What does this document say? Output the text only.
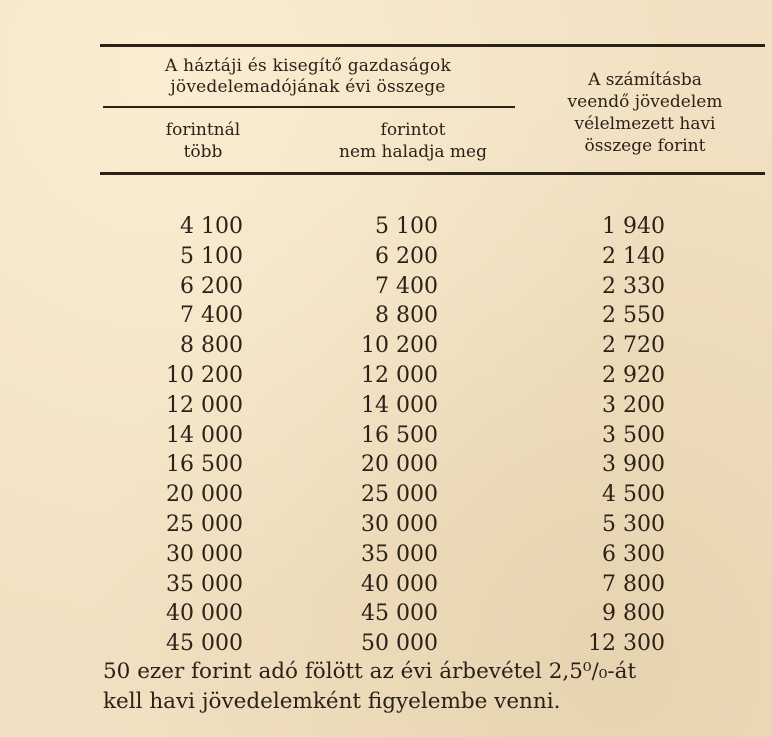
A háztáji és kisegítő gazdaságok
jövedelemadójának évi összege
forintnál
több
forintot
nem haladja meg
A számításba
veendő jövedelem
vélelmezett havi
összege forint
4 100	5 100	1 940
5 100	6 200	2 140
6 200	7 400	2 330
7 400	8 800	2 550
8 800	10 200	2 720
10 200	12 000	2 920
12 000	14 000	3 200
14 000	16 500	3 500
16 500	20 000	3 900
20 000	25 000	4 500
25 000	30 000	5 300
30 000	35 000	6 300
35 000	40 000	7 800
40 000	45 000	9 800
45 000	50 000	12 300
50 ezer forint adó fölött az évi árbevétel 2,5⁰/₀-át
kell havi jövedelemként figyelembe venni.
